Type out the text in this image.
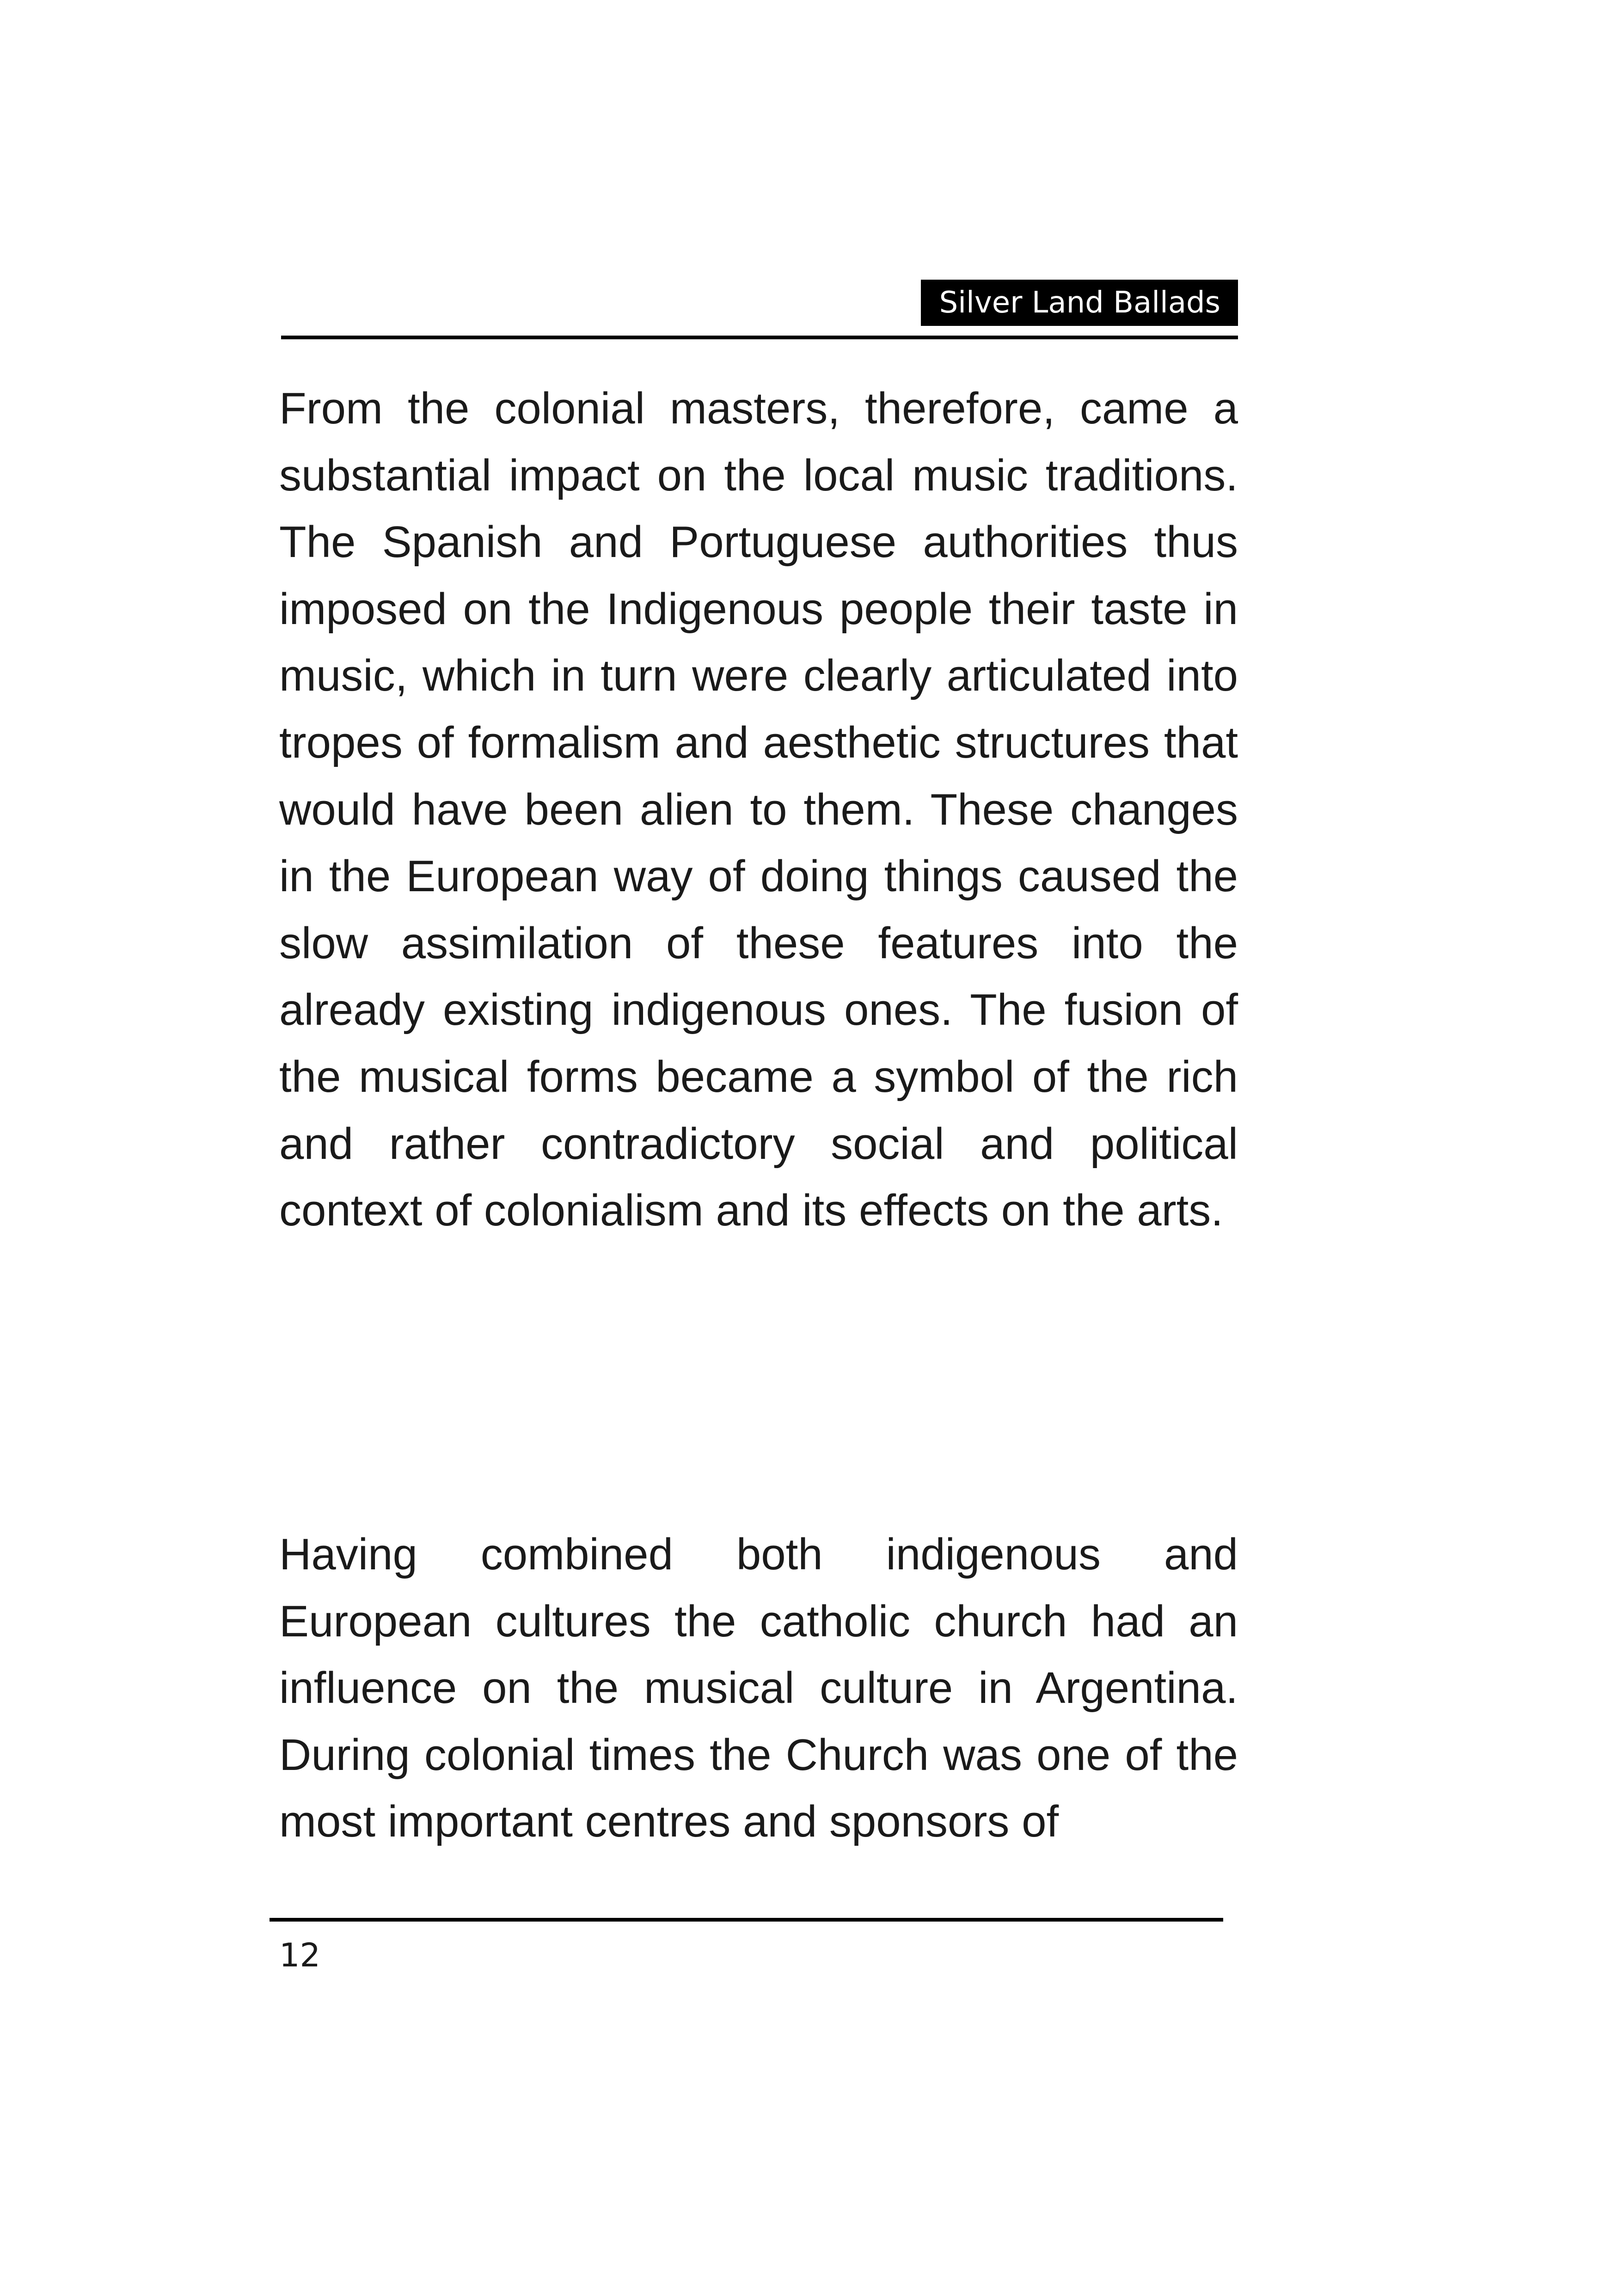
Silver Land Ballads

From the colonial masters, therefore, came a substantial impact on the local music traditions. The Spanish and Portuguese authorities thus imposed on the Indigenous people their taste in music, which in turn were clearly articulated into tropes of formalism and aesthetic structures that would have been alien to them. These changes in the European way of doing things caused the slow assimilation of these features into the already existing indigenous ones. The fusion of the musical forms became a symbol of the rich and rather contradictory social and political context of colonialism and its effects on the arts.

Having combined both indigenous and European cultures the catholic church had an influence on the musical culture in Argentina. During colonial times the Church was one of the most important centres and sponsors of

12
